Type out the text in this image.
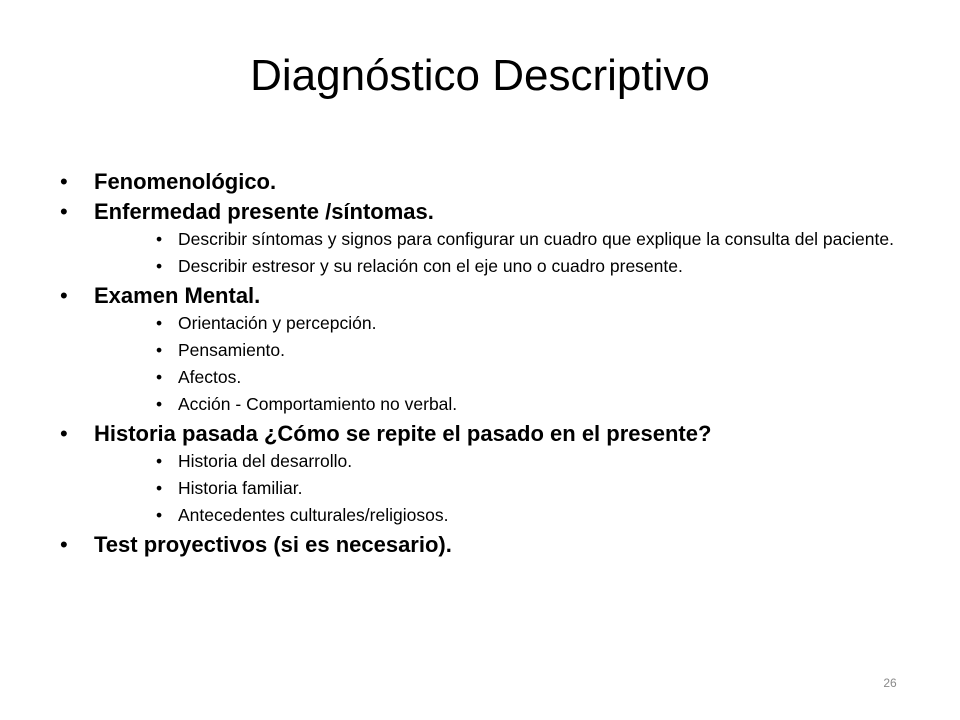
Diagnóstico Descriptivo
• Fenomenológico.
• Enfermedad presente /síntomas.
• Describir síntomas y signos para configurar un cuadro que explique la consulta del paciente.
• Describir estresor y su relación con el eje uno o cuadro presente.
• Examen Mental.
• Orientación y percepción.
• Pensamiento.
• Afectos.
• Acción - Comportamiento no verbal.
• Historia pasada ¿Cómo se repite el pasado en el presente?
• Historia del desarrollo.
• Historia familiar.
• Antecedentes culturales/religiosos.
• Test proyectivos (si es necesario).
26
